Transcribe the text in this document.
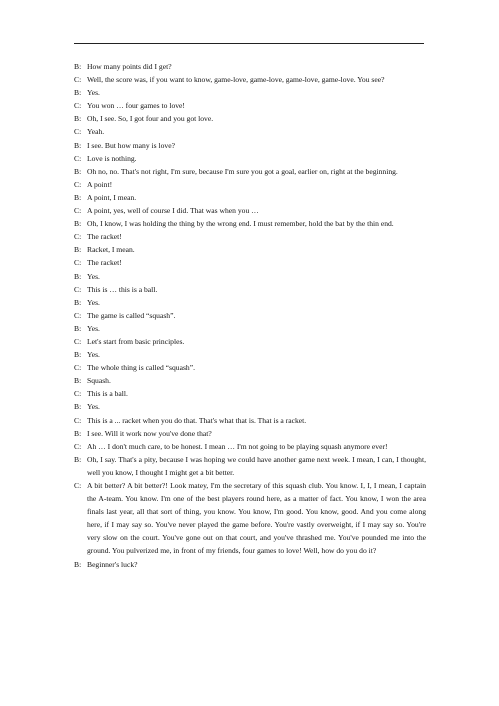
B: How many points did I get?
C: Well, the score was, if you want to know, game-love, game-love, game-love, game-love. You see?
B: Yes.
C: You won … four games to love!
B: Oh, I see. So, I got four and you got love.
C: Yeah.
B: I see. But how many is love?
C: Love is nothing.
B: Oh no, no. That's not right, I'm sure, because I'm sure you got a goal, earlier on, right at the beginning.
C: A point!
B: A point, I mean.
C: A point, yes, well of course I did. That was when you …
B: Oh, I know, I was holding the thing by the wrong end. I must remember, hold the bat by the thin end.
C: The racket!
B: Racket, I mean.
C: The racket!
B: Yes.
C: This is … this is a ball.
B: Yes.
C: The game is called “squash”.
B: Yes.
C: Let's start from basic principles.
B: Yes.
C: The whole thing is called “squash”.
B: Squash.
C: This is a ball.
B: Yes.
C: This is a ... racket when you do that. That's what that is. That is a racket.
B: I see. Will it work now you've done that?
C: Ah … I don't much care, to be honest. I mean … I'm not going to be playing squash anymore ever!
B: Oh, I say. That's a pity, because I was hoping we could have another game next week. I mean, I can, I thought, well you know, I thought I might get a bit better.
C: A bit better? A bit better?! Look matey, I'm the secretary of this squash club. You know. I, I, I mean, I captain the A-team. You know. I'm one of the best players round here, as a matter of fact. You know, I won the area finals last year, all that sort of thing, you know. You know, I'm good. You know, good. And you come along here, if I may say so. You've never played the game before. You're vastly overweight, if I may say so. You're very slow on the court. You've gone out on that court, and you've thrashed me. You've pounded me into the ground. You pulverized me, in front of my friends, four games to love! Well, how do you do it?
B: Beginner's luck?
